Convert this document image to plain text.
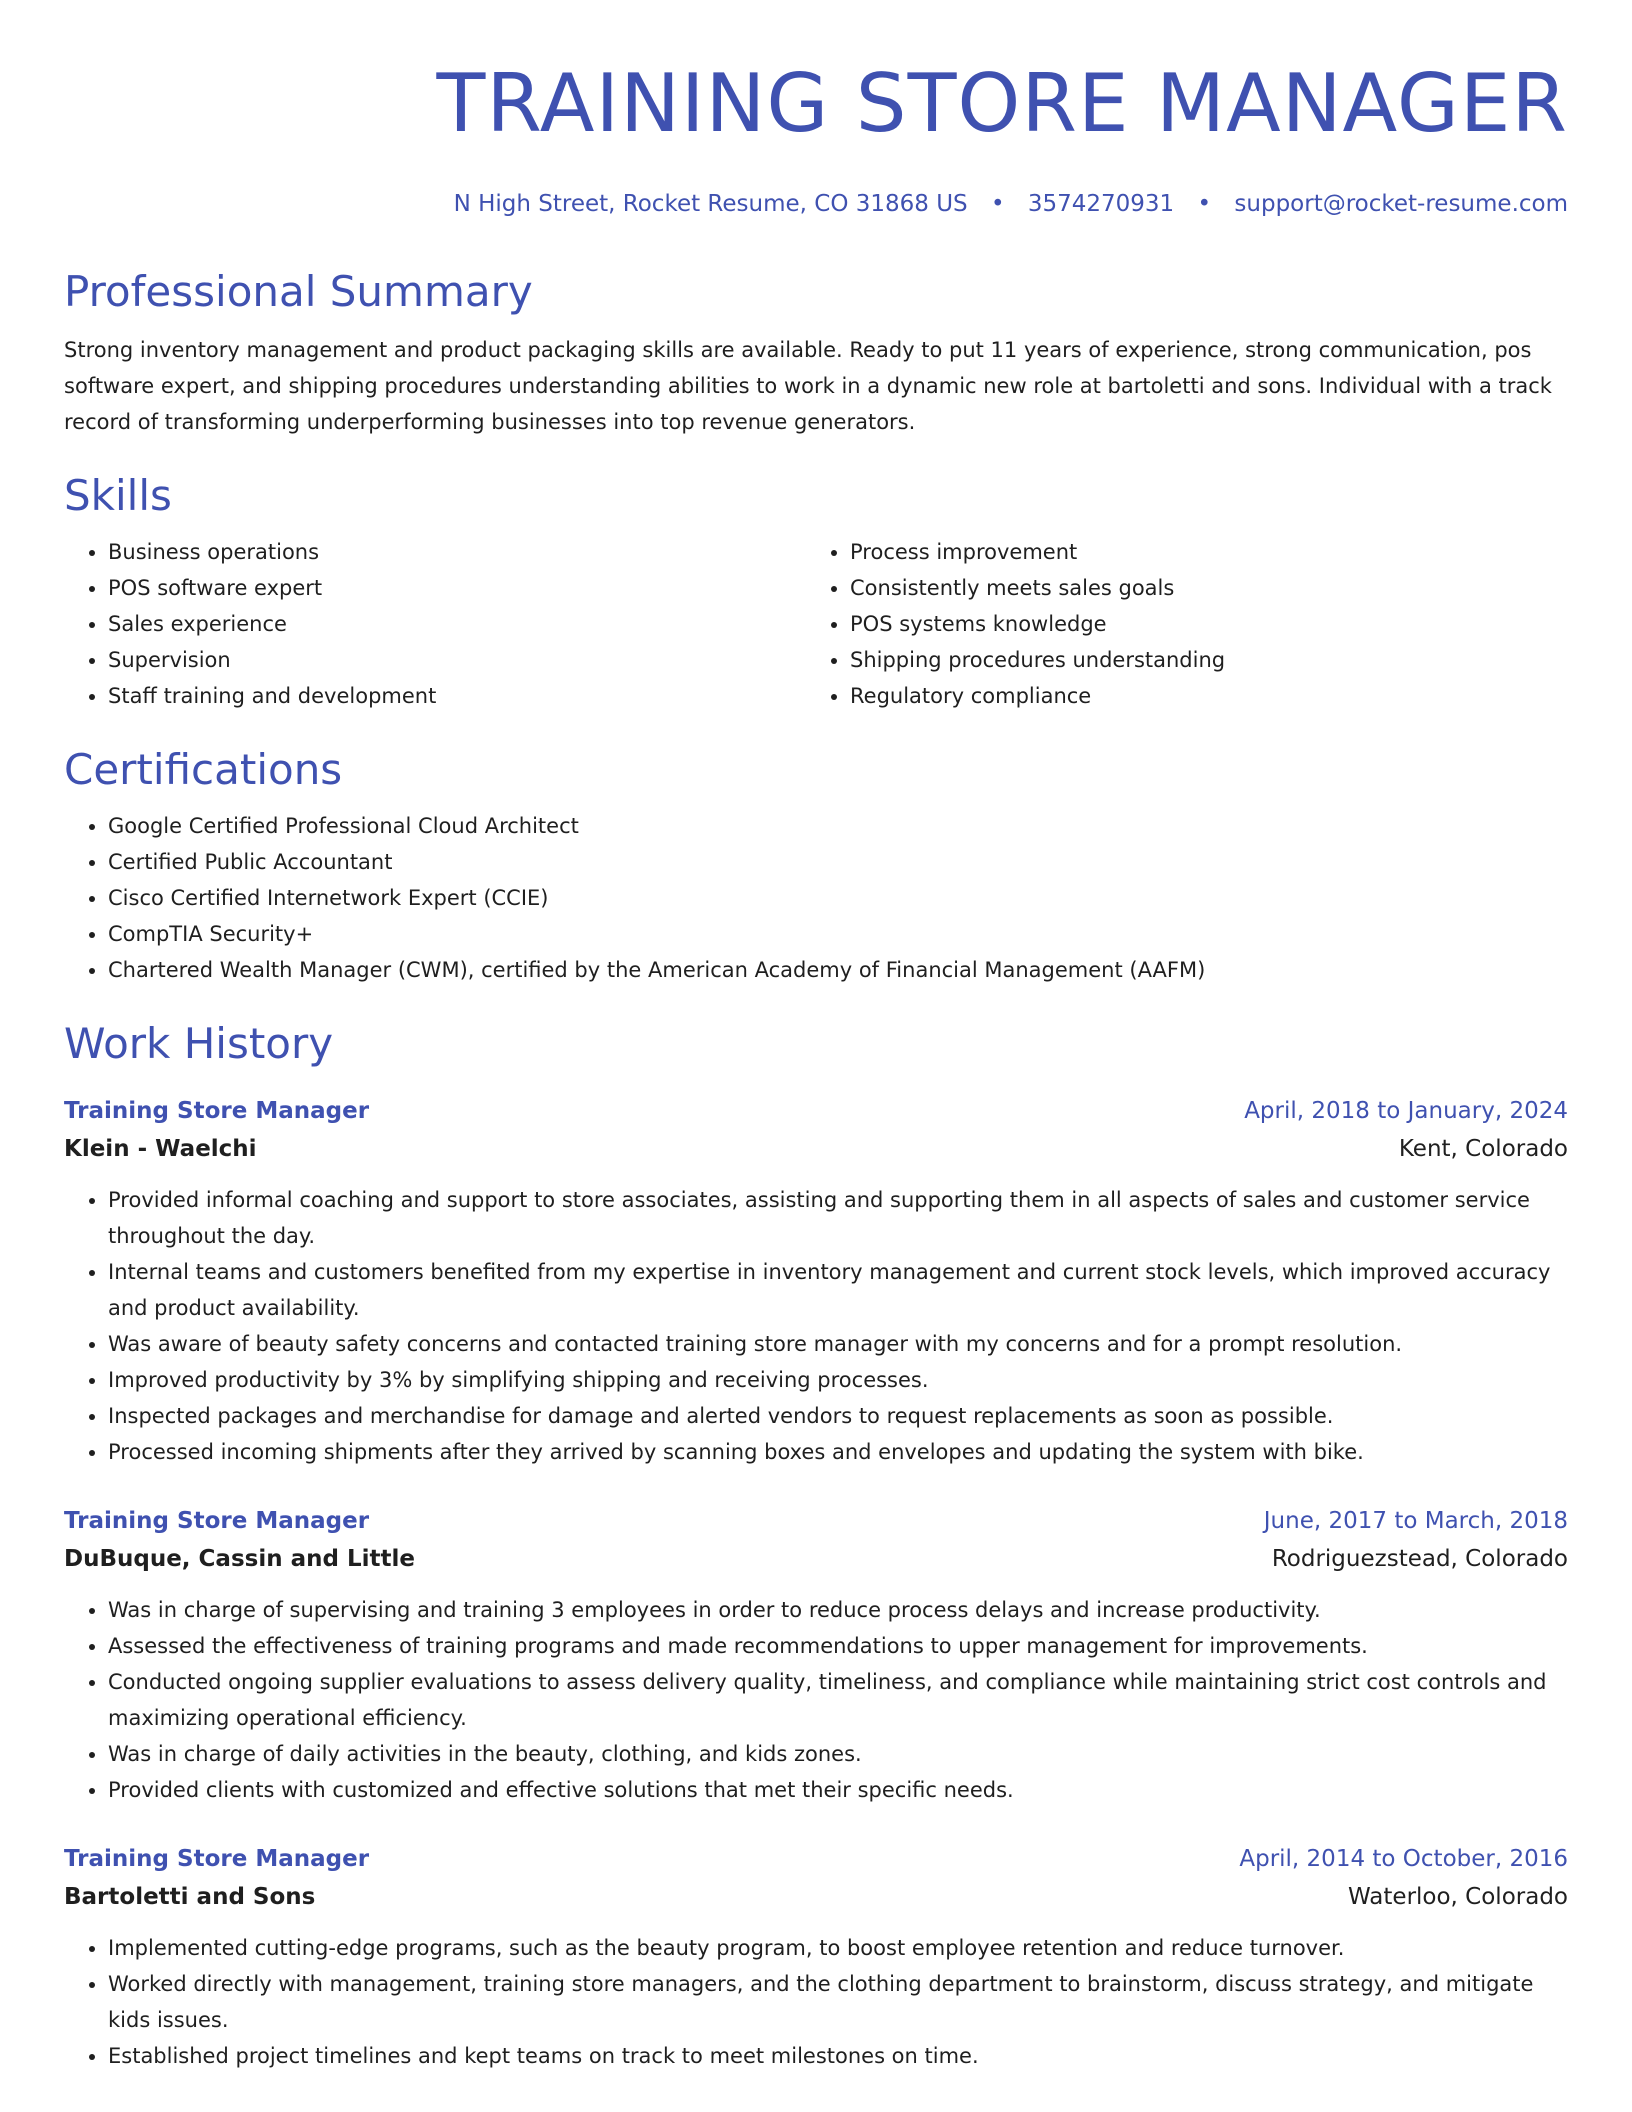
TRAINING STORE MANAGER
N High Street, Rocket Resume, CO 31868 US • 3574270931 • support@rocket-resume.com
Professional Summary
Strong inventory management and product packaging skills are available. Ready to put 11 years of experience, strong communication, pos software expert, and shipping procedures understanding abilities to work in a dynamic new role at bartoletti and sons. Individual with a track record of transforming underperforming businesses into top revenue generators.
Skills
• Business operations
• POS software expert
• Sales experience
• Supervision
• Staff training and development
• Process improvement
• Consistently meets sales goals
• POS systems knowledge
• Shipping procedures understanding
• Regulatory compliance
Certifications
• Google Certified Professional Cloud Architect
• Certified Public Accountant
• Cisco Certified Internetwork Expert (CCIE)
• CompTIA Security+
• Chartered Wealth Manager (CWM), certified by the American Academy of Financial Management (AAFM)
Work History
Training Store Manager	April, 2018 to January, 2024
Klein - Waelchi	Kent, Colorado
• Provided informal coaching and support to store associates, assisting and supporting them in all aspects of sales and customer service throughout the day.
• Internal teams and customers benefited from my expertise in inventory management and current stock levels, which improved accuracy and product availability.
• Was aware of beauty safety concerns and contacted training store manager with my concerns and for a prompt resolution.
• Improved productivity by 3% by simplifying shipping and receiving processes.
• Inspected packages and merchandise for damage and alerted vendors to request replacements as soon as possible.
• Processed incoming shipments after they arrived by scanning boxes and envelopes and updating the system with bike.
Training Store Manager	June, 2017 to March, 2018
DuBuque, Cassin and Little	Rodriguezstead, Colorado
• Was in charge of supervising and training 3 employees in order to reduce process delays and increase productivity.
• Assessed the effectiveness of training programs and made recommendations to upper management for improvements.
• Conducted ongoing supplier evaluations to assess delivery quality, timeliness, and compliance while maintaining strict cost controls and maximizing operational efficiency.
• Was in charge of daily activities in the beauty, clothing, and kids zones.
• Provided clients with customized and effective solutions that met their specific needs.
Training Store Manager	April, 2014 to October, 2016
Bartoletti and Sons	Waterloo, Colorado
• Implemented cutting-edge programs, such as the beauty program, to boost employee retention and reduce turnover.
• Worked directly with management, training store managers, and the clothing department to brainstorm, discuss strategy, and mitigate kids issues.
• Established project timelines and kept teams on track to meet milestones on time.
